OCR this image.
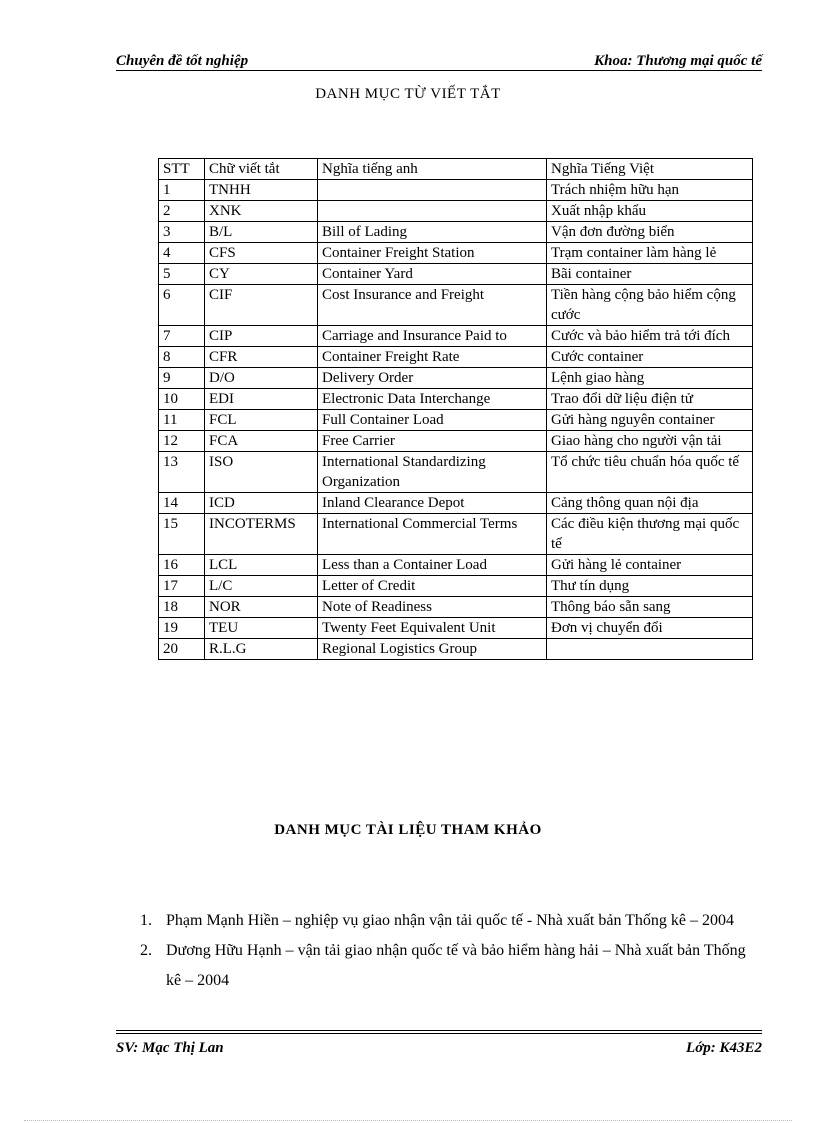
Chuyên đề tốt nghiệp	Khoa: Thương mại quốc tế
DANH MỤC TỪ VIẾT TẮT
STT	Chữ viết tắt	Nghĩa tiếng anh	Nghĩa Tiếng Việt
1	TNHH		Trách nhiệm hữu hạn
2	XNK		Xuất nhập khẩu
3	B/L	Bill of Lading	Vận đơn đường biển
4	CFS	Container Freight Station	Trạm container làm hàng lẻ
5	CY	Container Yard	Bãi container
6	CIF	Cost Insurance and Freight	Tiền hàng cộng bảo hiểm cộng cước
7	CIP	Carriage and Insurance Paid to	Cước và bảo hiểm trả tới đích
8	CFR	Container Freight Rate	Cước container
9	D/O	Delivery Order	Lệnh giao hàng
10	EDI	Electronic Data Interchange	Trao đổi dữ liệu điện tử
11	FCL	Full Container Load	Gửi hàng nguyên container
12	FCA	Free Carrier	Giao hàng cho người vận tải
13	ISO	International Standardizing Organization	Tổ chức tiêu chuẩn hóa quốc tế
14	ICD	Inland Clearance Depot	Cảng thông quan nội địa
15	INCOTERMS	International Commercial Terms	Các điều kiện thương mại quốc tế
16	LCL	Less than a Container Load	Gửi hàng lẻ container
17	L/C	Letter of Credit	Thư tín dụng
18	NOR	Note of Readiness	Thông báo sẵn sang
19	TEU	Twenty Feet Equivalent Unit	Đơn vị chuyển đổi
20	R.L.G	Regional Logistics Group	
DANH MỤC TÀI LIỆU THAM KHẢO
1. Phạm Mạnh Hiền – nghiệp vụ giao nhận vận tải quốc tế - Nhà xuất bản Thống kê – 2004
2. Dương Hữu Hạnh – vận tải giao nhận quốc tế và bảo hiểm hàng hải – Nhà xuất bản Thống kê – 2004
SV: Mạc Thị Lan	Lớp: K43E2
